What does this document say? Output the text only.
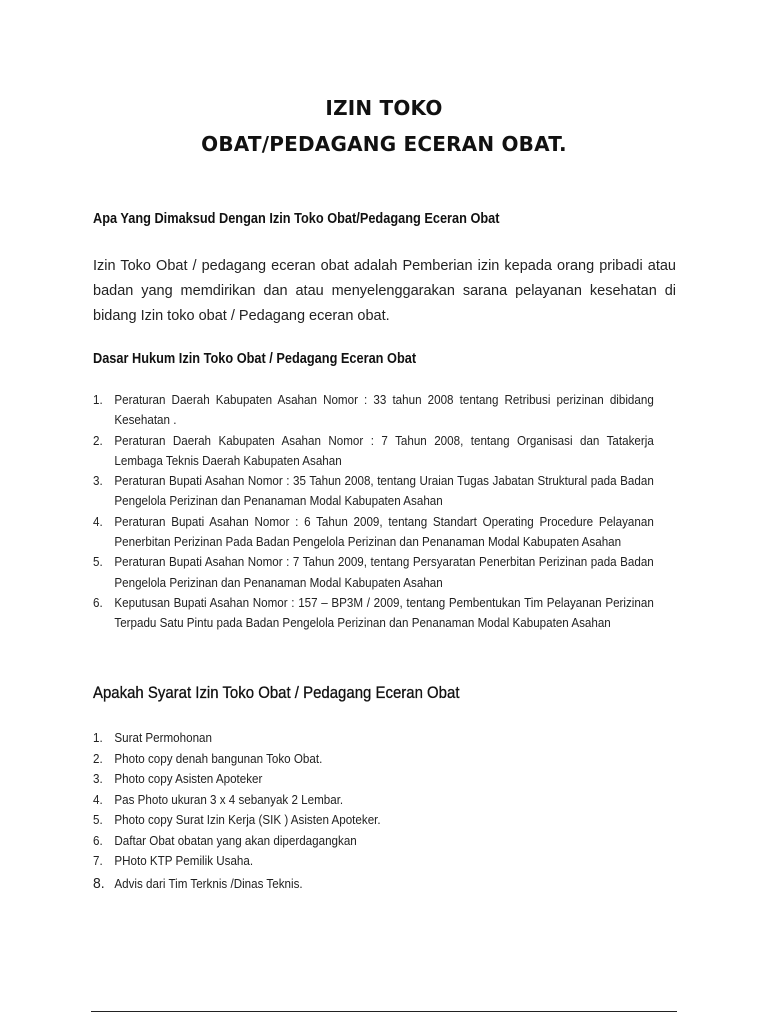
IZIN TOKO
OBAT/PEDAGANG ECERAN OBAT.
Apa Yang Dimaksud Dengan Izin Toko Obat/Pedagang Eceran Obat
Izin Toko Obat / pedagang eceran obat adalah Pemberian izin kepada orang pribadi atau badan yang memdirikan dan atau menyelenggarakan sarana pelayanan kesehatan di bidang Izin toko obat / Pedagang eceran obat.
Dasar Hukum Izin Toko Obat / Pedagang Eceran Obat
1. Peraturan Daerah Kabupaten Asahan Nomor : 33 tahun 2008 tentang Retribusi perizinan dibidang Kesehatan .
2. Peraturan Daerah Kabupaten Asahan Nomor : 7 Tahun 2008, tentang Organisasi dan Tatakerja Lembaga Teknis Daerah Kabupaten Asahan
3. Peraturan Bupati Asahan Nomor : 35 Tahun 2008, tentang Uraian Tugas Jabatan Struktural pada Badan Pengelola Perizinan dan Penanaman Modal Kabupaten Asahan
4. Peraturan Bupati Asahan Nomor : 6 Tahun 2009, tentang Standart Operating Procedure Pelayanan Penerbitan Perizinan Pada Badan Pengelola Perizinan dan Penanaman Modal Kabupaten Asahan
5. Peraturan Bupati Asahan Nomor : 7 Tahun 2009, tentang Persyaratan Penerbitan Perizinan pada Badan Pengelola Perizinan dan Penanaman Modal Kabupaten Asahan
6. Keputusan Bupati Asahan Nomor : 157 – BP3M / 2009, tentang Pembentukan Tim Pelayanan Perizinan Terpadu Satu Pintu pada Badan Pengelola Perizinan dan Penanaman Modal Kabupaten Asahan
Apakah Syarat Izin Toko Obat / Pedagang Eceran Obat
1. Surat Permohonan
2. Photo copy denah bangunan Toko Obat.
3. Photo copy Asisten Apoteker
4. Pas Photo ukuran 3 x 4 sebanyak 2 Lembar.
5. Photo copy Surat Izin Kerja (SIK ) Asisten Apoteker.
6. Daftar Obat obatan yang akan diperdagangkan
7. PHoto KTP Pemilik Usaha.
8. Advis dari Tim Terknis /Dinas Teknis.
